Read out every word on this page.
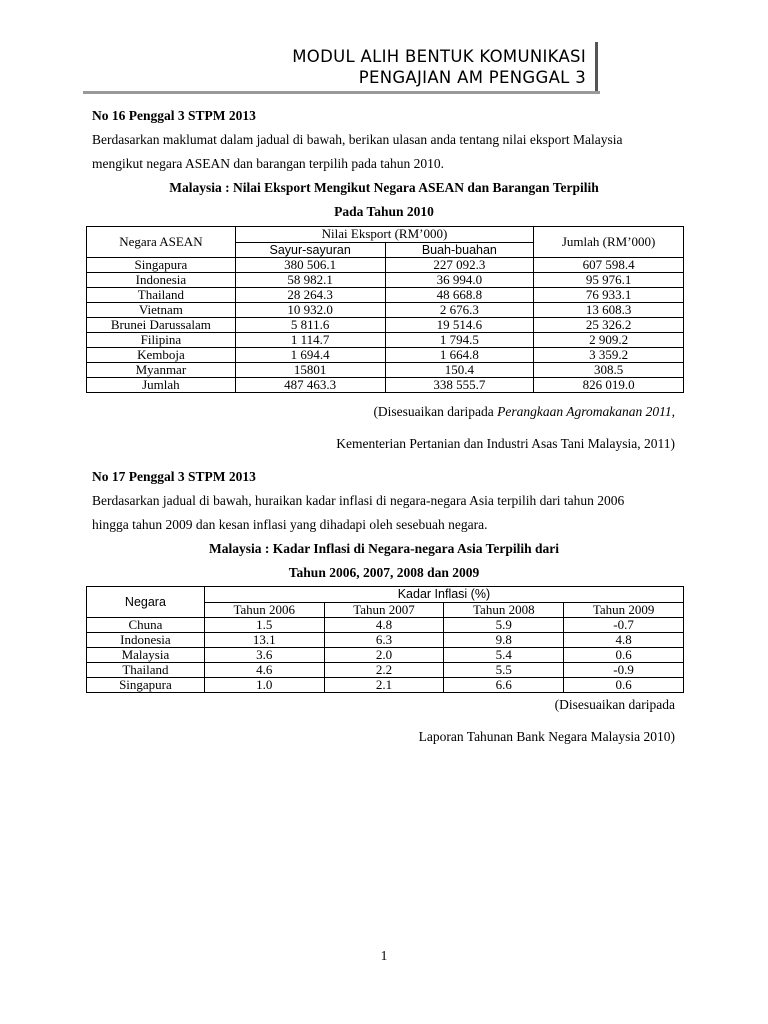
MODUL ALIH BENTUK KOMUNIKASI
PENGAJIAN AM PENGGAL 3
No 16 Penggal 3 STPM 2013
Berdasarkan maklumat dalam jadual di bawah, berikan ulasan anda tentang nilai eksport Malaysia
mengikut negara ASEAN dan barangan terpilih pada tahun 2010.
Malaysia : Nilai Eksport Mengikut Negara ASEAN dan Barangan Terpilih
Pada Tahun 2010
Negara ASEAN	Nilai Eksport (RM’000)		Jumlah (RM’000)
	Sayur-sayuran	Buah-buahan	
Singapura	380 506.1	227 092.3	607 598.4
Indonesia	58 982.1	36 994.0	95 976.1
Thailand	28 264.3	48 668.8	76 933.1
Vietnam	10 932.0	2 676.3	13 608.3
Brunei Darussalam	5 811.6	19 514.6	25 326.2
Filipina	1 114.7	1 794.5	2 909.2
Kemboja	1 694.4	1 664.8	3 359.2
Myanmar	15801	150.4	308.5
Jumlah	487 463.3	338 555.7	826 019.0
(Disesuaikan daripada Perangkaan Agromakanan 2011,
Kementerian Pertanian dan Industri Asas Tani Malaysia, 2011)
No 17 Penggal 3 STPM 2013
Berdasarkan jadual di bawah, huraikan kadar inflasi di negara-negara Asia terpilih dari tahun 2006
hingga tahun 2009 dan kesan inflasi yang dihadapi oleh sesebuah negara.
Malaysia : Kadar Inflasi di Negara-negara Asia Terpilih dari
Tahun 2006, 2007, 2008 dan 2009
Negara	Kadar Inflasi (%)			
	Tahun 2006	Tahun 2007	Tahun 2008	Tahun 2009
Chuna	1.5	4.8	5.9	-0.7
Indonesia	13.1	6.3	9.8	4.8
Malaysia	3.6	2.0	5.4	0.6
Thailand	4.6	2.2	5.5	-0.9
Singapura	1.0	2.1	6.6	0.6
(Disesuaikan daripada
Laporan Tahunan Bank Negara Malaysia 2010)
1
